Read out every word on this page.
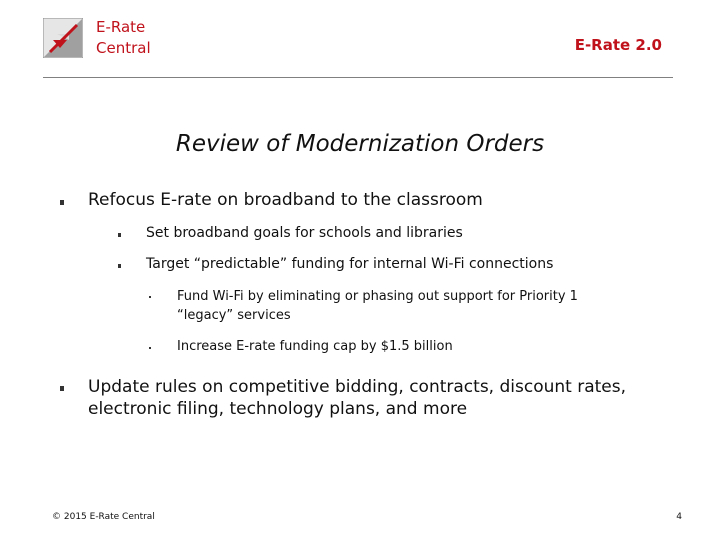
E-Rate
Central	E-Rate 2.0
Review of Modernization Orders
Refocus E-rate on broadband to the classroom
Set broadband goals for schools and libraries
Target “predictable” funding for internal Wi-Fi connections
Fund Wi-Fi by eliminating or phasing out support for Priority 1
“legacy” services
Increase E-rate funding cap by $1.5 billion
Update rules on competitive bidding, contracts, discount rates,
electronic filing, technology plans, and more
© 2015 E-Rate Central	4
